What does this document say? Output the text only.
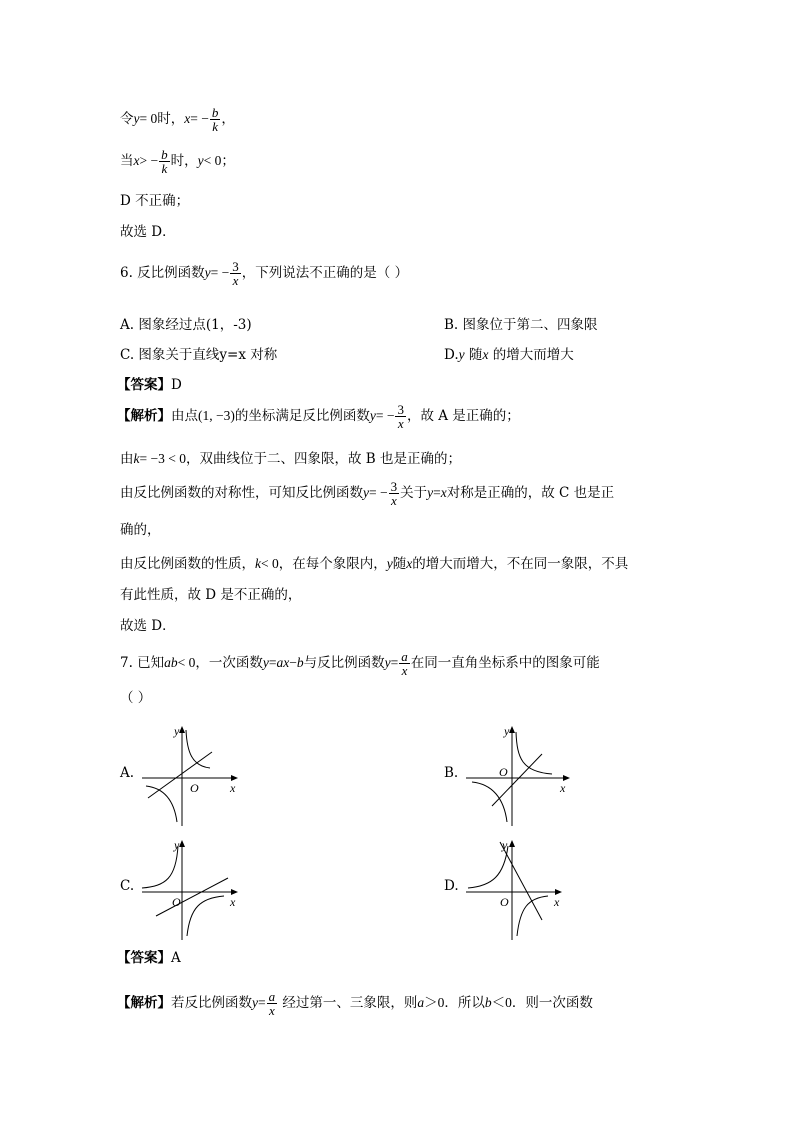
令y= 0时，$x= - \frac{b}{k}$ ，
当$x> - \frac{b}{k}$ 时，y< 0；
D 不正确；
故选 D．
6. 反比例函数$y= - \frac{3}{x}$ ，下列说法不正确的是（ ）
A. 图象经过点(1，-3)	B. 图象位于第二、四象限
C. 图象关于直线y=x 对称	D.y 随x 的增大而增大
【答案】D
【解析】由点(1, −3)的坐标满足反比例函数$y= - \frac{3}{x}$ ，故 A 是正确的；
由k= −3 < 0，双曲线位于二、四象限，故 B 也是正确的；
由反比例函数的对称性，可知反比例函数$y= - \frac{3}{x}$ 关于y=x对称是正确的，故 C 也是正
确的，
由反比例函数的性质，k< 0，在每个象限内，y随x的增大而增大，不在同一象限，不具
有此性质，故 D 是不正确的，
故选 D．
7. 已知ab< 0，一次函数y=ax−b与反比例函数$y= \frac{a}{x}$ 在同一直角坐标系中的图象可能
（ ）
A.	B.
C.	D.
y
O	x
y
O
x
y
O	x
y
O	x
【答案】A
【解析】若反比例函数$y= \frac{a}{x}$ 经过第一、三象限，则a＞0．所以b＜0．则一次函数
